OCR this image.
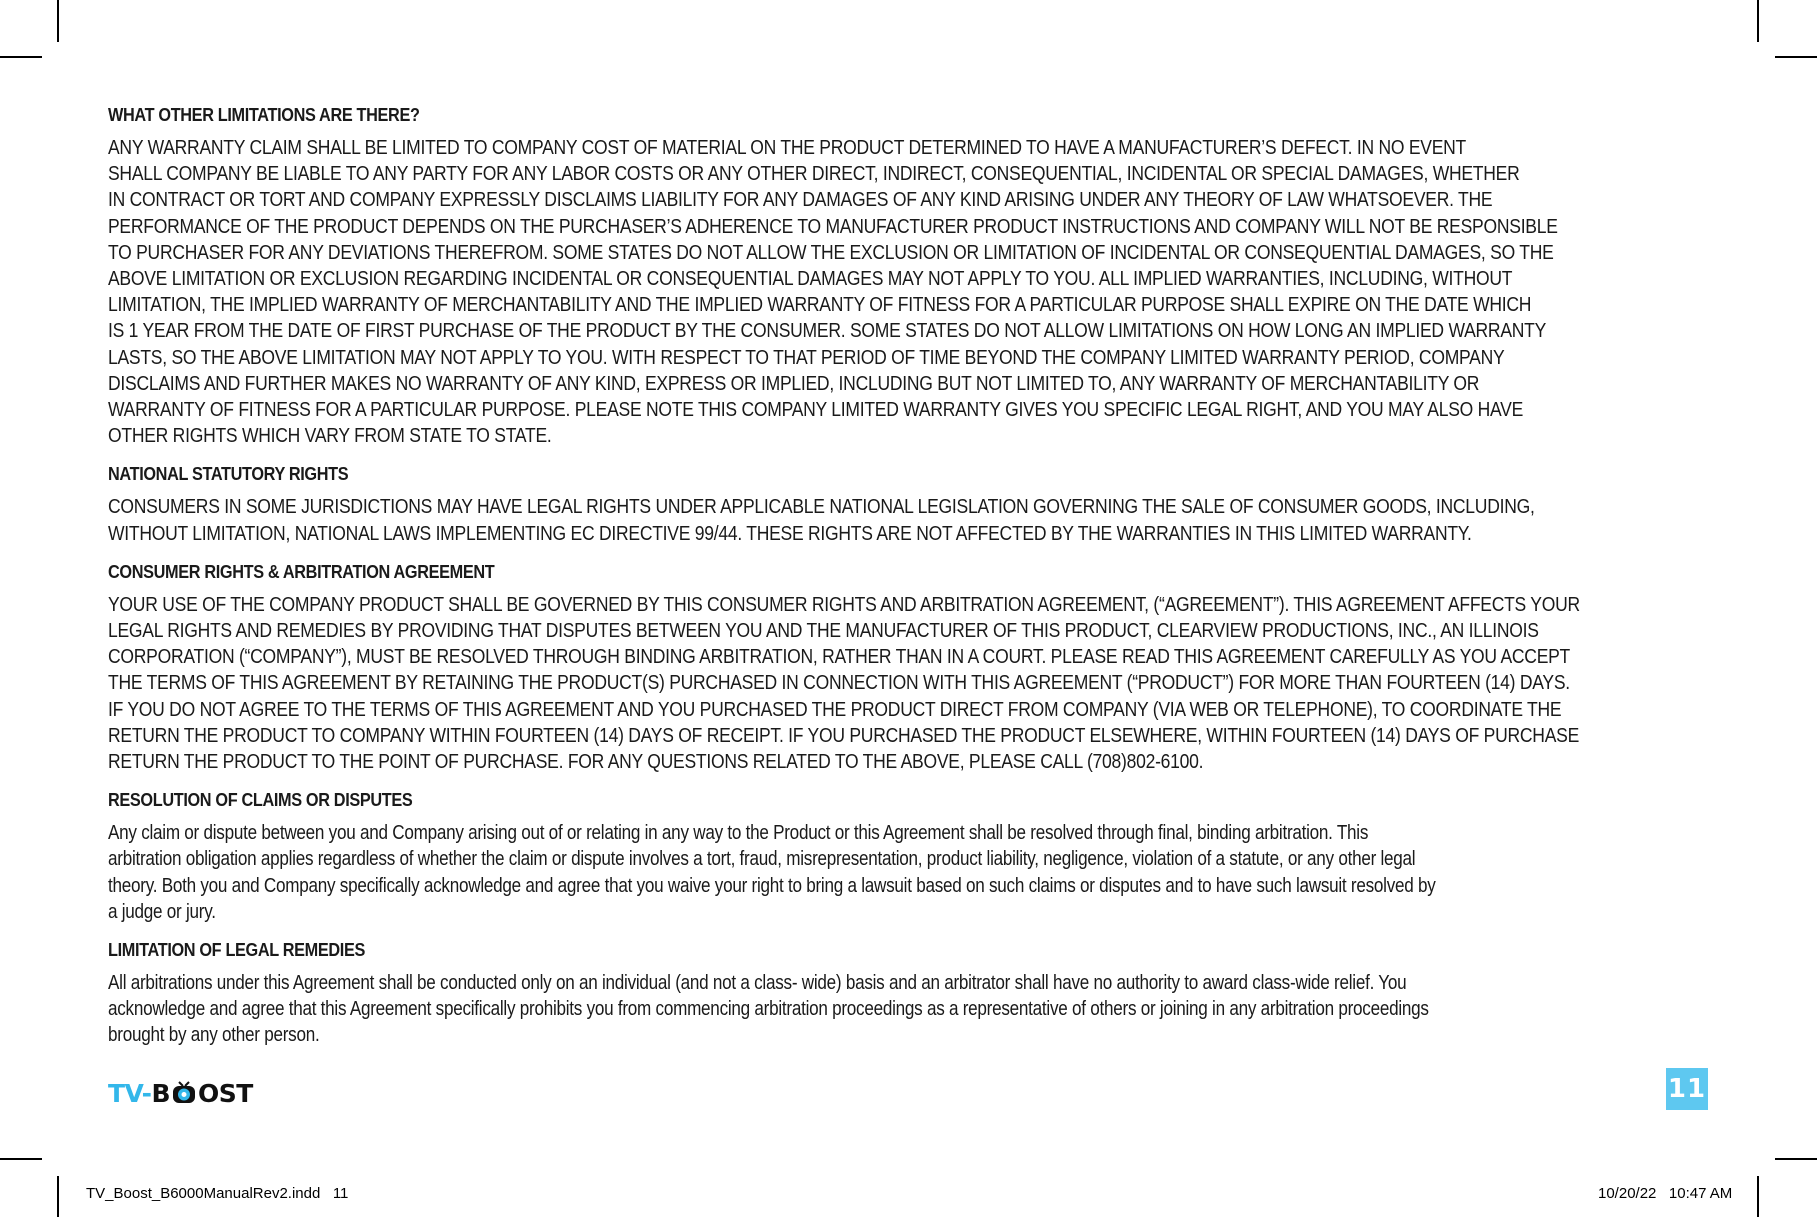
WHAT OTHER LIMITATIONS ARE THERE?
ANY WARRANTY CLAIM SHALL BE LIMITED TO COMPANY COST OF MATERIAL ON THE PRODUCT DETERMINED TO HAVE A MANUFACTURER’S DEFECT. IN NO EVENT
SHALL COMPANY BE LIABLE TO ANY PARTY FOR ANY LABOR COSTS OR ANY OTHER DIRECT, INDIRECT, CONSEQUENTIAL, INCIDENTAL OR SPECIAL DAMAGES, WHETHER
IN CONTRACT OR TORT AND COMPANY EXPRESSLY DISCLAIMS LIABILITY FOR ANY DAMAGES OF ANY KIND ARISING UNDER ANY THEORY OF LAW WHATSOEVER. THE
PERFORMANCE OF THE PRODUCT DEPENDS ON THE PURCHASER’S ADHERENCE TO MANUFACTURER PRODUCT INSTRUCTIONS AND COMPANY WILL NOT BE RESPONSIBLE
TO PURCHASER FOR ANY DEVIATIONS THEREFROM. SOME STATES DO NOT ALLOW THE EXCLUSION OR LIMITATION OF INCIDENTAL OR CONSEQUENTIAL DAMAGES, SO THE
ABOVE LIMITATION OR EXCLUSION REGARDING INCIDENTAL OR CONSEQUENTIAL DAMAGES MAY NOT APPLY TO YOU. ALL IMPLIED WARRANTIES, INCLUDING, WITHOUT
LIMITATION, THE IMPLIED WARRANTY OF MERCHANTABILITY AND THE IMPLIED WARRANTY OF FITNESS FOR A PARTICULAR PURPOSE SHALL EXPIRE ON THE DATE WHICH
IS 1 YEAR FROM THE DATE OF FIRST PURCHASE OF THE PRODUCT BY THE CONSUMER. SOME STATES DO NOT ALLOW LIMITATIONS ON HOW LONG AN IMPLIED WARRANTY
LASTS, SO THE ABOVE LIMITATION MAY NOT APPLY TO YOU. WITH RESPECT TO THAT PERIOD OF TIME BEYOND THE COMPANY LIMITED WARRANTY PERIOD, COMPANY
DISCLAIMS AND FURTHER MAKES NO WARRANTY OF ANY KIND, EXPRESS OR IMPLIED, INCLUDING BUT NOT LIMITED TO, ANY WARRANTY OF MERCHANTABILITY OR
WARRANTY OF FITNESS FOR A PARTICULAR PURPOSE. PLEASE NOTE THIS COMPANY LIMITED WARRANTY GIVES YOU SPECIFIC LEGAL RIGHT, AND YOU MAY ALSO HAVE
OTHER RIGHTS WHICH VARY FROM STATE TO STATE.
NATIONAL STATUTORY RIGHTS
CONSUMERS IN SOME JURISDICTIONS MAY HAVE LEGAL RIGHTS UNDER APPLICABLE NATIONAL LEGISLATION GOVERNING THE SALE OF CONSUMER GOODS, INCLUDING,
WITHOUT LIMITATION, NATIONAL LAWS IMPLEMENTING EC DIRECTIVE 99/44. THESE RIGHTS ARE NOT AFFECTED BY THE WARRANTIES IN THIS LIMITED WARRANTY.
CONSUMER RIGHTS & ARBITRATION AGREEMENT
YOUR USE OF THE COMPANY PRODUCT SHALL BE GOVERNED BY THIS CONSUMER RIGHTS AND ARBITRATION AGREEMENT, (“AGREEMENT”). THIS AGREEMENT AFFECTS YOUR
LEGAL RIGHTS AND REMEDIES BY PROVIDING THAT DISPUTES BETWEEN YOU AND THE MANUFACTURER OF THIS PRODUCT, CLEARVIEW PRODUCTIONS, INC., AN ILLINOIS
CORPORATION (“COMPANY”), MUST BE RESOLVED THROUGH BINDING ARBITRATION, RATHER THAN IN A COURT. PLEASE READ THIS AGREEMENT CAREFULLY AS YOU ACCEPT
THE TERMS OF THIS AGREEMENT BY RETAINING THE PRODUCT(S) PURCHASED IN CONNECTION WITH THIS AGREEMENT (“PRODUCT”) FOR MORE THAN FOURTEEN (14) DAYS.
IF YOU DO NOT AGREE TO THE TERMS OF THIS AGREEMENT AND YOU PURCHASED THE PRODUCT DIRECT FROM COMPANY (VIA WEB OR TELEPHONE), TO COORDINATE THE
RETURN THE PRODUCT TO COMPANY WITHIN FOURTEEN (14) DAYS OF RECEIPT. IF YOU PURCHASED THE PRODUCT ELSEWHERE, WITHIN FOURTEEN (14) DAYS OF PURCHASE
RETURN THE PRODUCT TO THE POINT OF PURCHASE. FOR ANY QUESTIONS RELATED TO THE ABOVE, PLEASE CALL (708)802-6100.
RESOLUTION OF CLAIMS OR DISPUTES
Any claim or dispute between you and Company arising out of or relating in any way to the Product or this Agreement shall be resolved through final, binding arbitration. This
arbitration obligation applies regardless of whether the claim or dispute involves a tort, fraud, misrepresentation, product liability, negligence, violation of a statute, or any other legal
theory. Both you and Company specifically acknowledge and agree that you waive your right to bring a lawsuit based on such claims or disputes and to have such lawsuit resolved by
a judge or jury.
LIMITATION OF LEGAL REMEDIES
All arbitrations under this Agreement shall be conducted only on an individual (and not a class- wide) basis and an arbitrator shall have no authority to award class-wide relief. You
acknowledge and agree that this Agreement specifically prohibits you from commencing arbitration proceedings as a representative of others or joining in any arbitration proceedings
brought by any other person.
TV- B OST	11
TV_Boost_B6000ManualRev2.indd   11	10/20/22   10:47 AM
